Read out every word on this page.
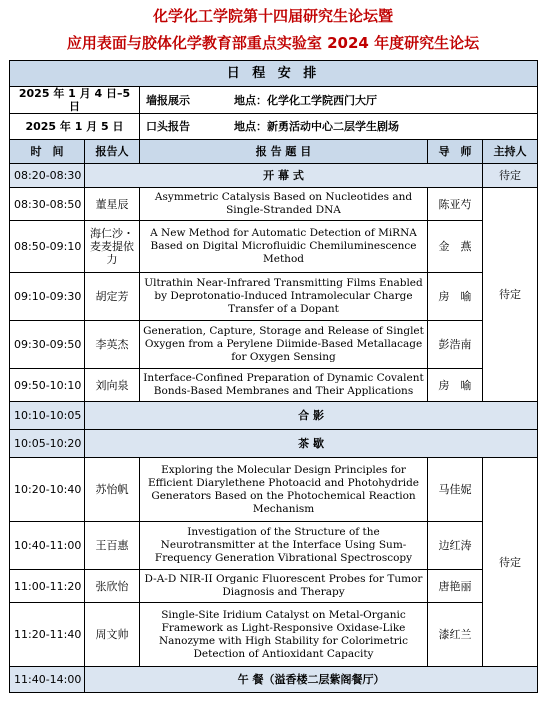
化学化工学院第十四届研究生论坛暨
应用表面与胶体化学教育部重点实验室 2024 年度研究生论坛
日 程 安 排				
2025 年 1 月 4 日–5 日		墙报展示 地点：化学化工学院西门大厅		
2025 年 1 月 5 日		口头报告 地点：新勇活动中心二层学生剧场		
时　间	报告人	报 告 题 目	导　师	主持人
08:20-08:30	开 幕 式			待定
08:30-08:50	董星辰	Asymmetric Catalysis Based on Nucleotides and Single-Stranded DNA	陈亚芍	待定
08:50-09:10	海仁沙・麦麦提依力	A New Method for Automatic Detection of MiRNA Based on Digital Microfluidic Chemiluminescence Method	金　燕	
09:10-09:30	胡定芳	Ultrathin Near-Infrared Transmitting Films Enabled by Deprotonatio-Induced Intramolecular Charge Transfer of a Dopant	房　喻	
09:30-09:50	李英杰	Generation, Capture, Storage and Release of Singlet Oxygen from a Perylene Diimide-Based Metallacage for Oxygen Sensing	彭浩南	
09:50-10:10	刘向泉	Interface-Confined Preparation of Dynamic Covalent Bonds-Based Membranes and Their Applications	房　喻	
10:10-10:05	合 影			
10:05-10:20	茶 歇			
10:20-10:40	苏怡帆	Exploring the Molecular Design Principles for Efficient Diarylethene Photoacid and Photohydride Generators Based on the Photochemical Reaction Mechanism	马佳妮	待定
10:40-11:00	王百惠	Investigation of the Structure of the Neurotransmitter at the Interface Using Sum-Frequency Generation Vibrational Spectroscopy	边红涛	
11:00-11:20	张欣怡	D-A-D NIR-II Organic Fluorescent Probes for Tumor Diagnosis and Therapy	唐艳丽	
11:20-11:40	周文帅	Single-Site Iridium Catalyst on Metal-Organic Framework as Light-Responsive Oxidase-Like Nanozyme with High Stability for Colorimetric Detection of Antioxidant Capacity	漆红兰	
11:40-14:00	午 餐（溢香楼二层紫阁餐厅）			
